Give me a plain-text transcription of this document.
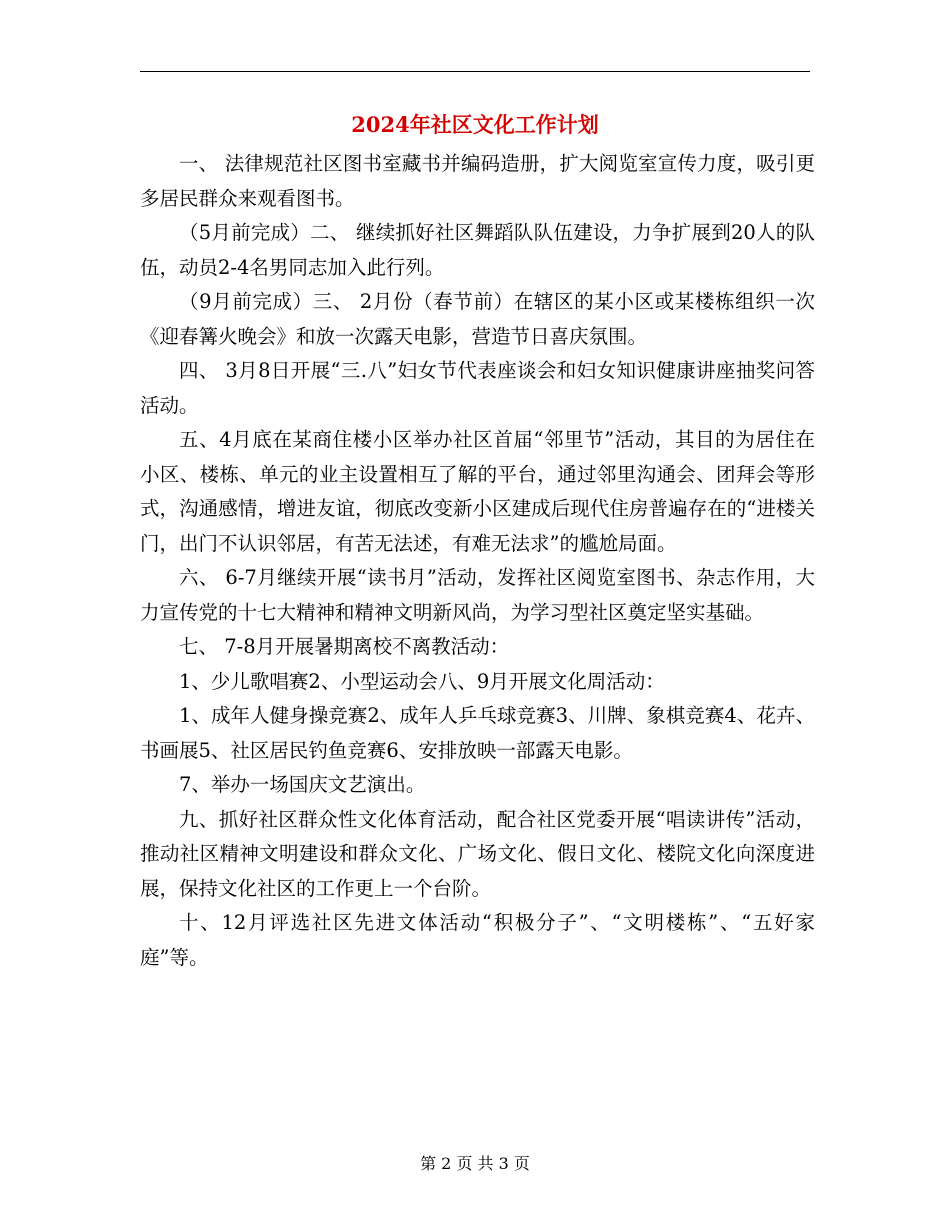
2024年社区文化工作计划

一、 法律规范社区图书室藏书并编码造册，扩大阅览室宣传力度，吸引更多居民群众来观看图书。

（5月前完成）二、 继续抓好社区舞蹈队队伍建设，力争扩展到20人的队伍，动员2-4名男同志加入此行列。

（9月前完成）三、 2月份（春节前）在辖区的某小区或某楼栋组织一次《迎春篝火晚会》和放一次露天电影，营造节日喜庆氛围。

四、 3月8日开展“三.八”妇女节代表座谈会和妇女知识健康讲座抽奖问答活动。

五、4月底在某商住楼小区举办社区首届“邻里节”活动，其目的为居住在小区、楼栋、单元的业主设置相互了解的平台，通过邻里沟通会、团拜会等形式，沟通感情，增进友谊，彻底改变新小区建成后现代住房普遍存在的“进楼关门，出门不认识邻居，有苦无法述，有难无法求”的尴尬局面。

六、 6-7月继续开展“读书月”活动，发挥社区阅览室图书、杂志作用，大力宣传党的十七大精神和精神文明新风尚，为学习型社区奠定坚实基础。

七、 7-8月开展暑期离校不离教活动：

1、少儿歌唱赛2、小型运动会八、9月开展文化周活动：

1、成年人健身操竞赛2、成年人乒乓球竞赛3、川牌、象棋竞赛4、花卉、书画展5、社区居民钓鱼竞赛6、安排放映一部露天电影。

7、举办一场国庆文艺演出。

九、抓好社区群众性文化体育活动，配合社区党委开展“唱读讲传”活动，推动社区精神文明建设和群众文化、广场文化、假日文化、楼院文化向深度进展，保持文化社区的工作更上一个台阶。

十、12月评选社区先进文体活动“积极分子”、“文明楼栋”、“五好家庭”等。

第 2 页 共 3 页
